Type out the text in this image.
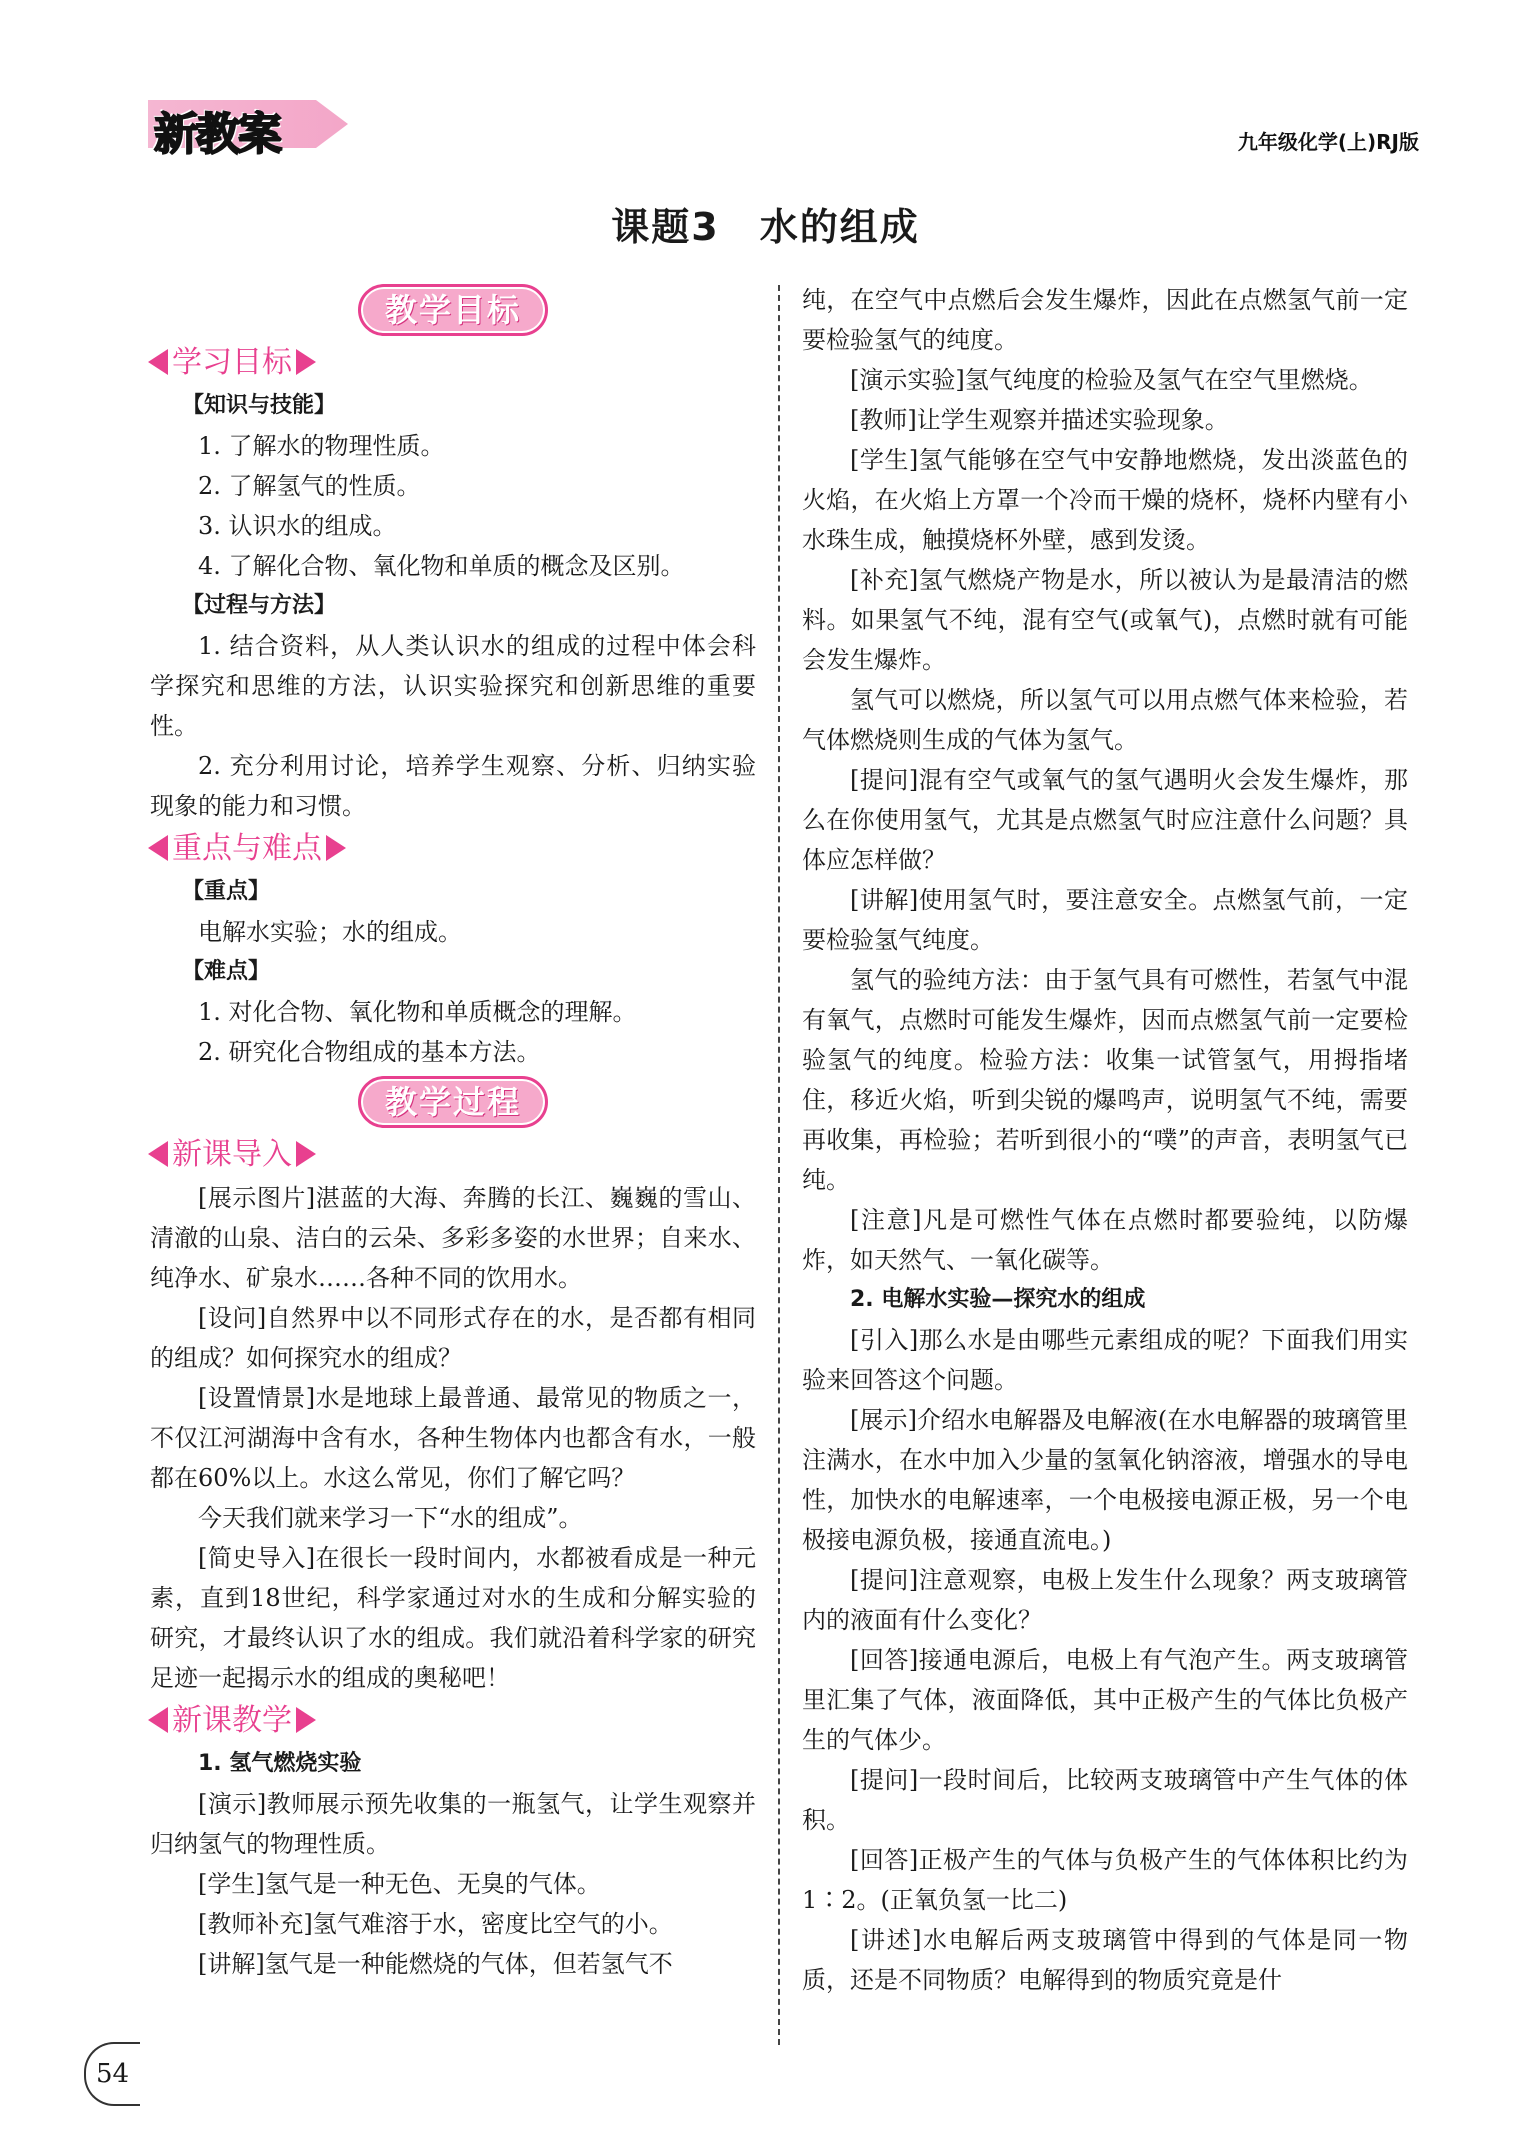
新教案	九年级化学(上)RJ版
课题3　水的组成
教学目标
学习目标

【知识与技能】

1. 了解水的物理性质。

2. 了解氢气的性质。

3. 认识水的组成。

4. 了解化合物、氧化物和单质的概念及区别。

【过程与方法】

1. 结合资料，从人类认识水的组成的过程中体会科学探究和思维的方法，认识实验探究和创新思维的重要性。

2. 充分利用讨论，培养学生观察、分析、归纳实验现象的能力和习惯。

重点与难点

【重点】

电解水实验；水的组成。

【难点】

1. 对化合物、氧化物和单质概念的理解。

2. 研究化合物组成的基本方法。

教学过程
新课导入

[展示图片]湛蓝的大海、奔腾的长江、巍巍的雪山、清澈的山泉、洁白的云朵、多彩多姿的水世界；自来水、纯净水、矿泉水……各种不同的饮用水。

[设问]自然界中以不同形式存在的水，是否都有相同的组成？如何探究水的组成？

[设置情景]水是地球上最普通、最常见的物质之一，不仅江河湖海中含有水，各种生物体内也都含有水，一般都在60%以上。水这么常见，你们了解它吗？

今天我们就来学习一下“水的组成”。

[简史导入]在很长一段时间内，水都被看成是一种元素，直到18世纪，科学家通过对水的生成和分解实验的研究，才最终认识了水的组成。我们就沿着科学家的研究足迹一起揭示水的组成的奥秘吧！

新课教学

1. 氢气燃烧实验

[演示]教师展示预先收集的一瓶氢气，让学生观察并归纳氢气的物理性质。

[学生]氢气是一种无色、无臭的气体。

[教师补充]氢气难溶于水，密度比空气的小。

[讲解]氢气是一种能燃烧的气体，但若氢气不

纯，在空气中点燃后会发生爆炸，因此在点燃氢气前一定要检验氢气的纯度。

[演示实验]氢气纯度的检验及氢气在空气里燃烧。

[教师]让学生观察并描述实验现象。

[学生]氢气能够在空气中安静地燃烧，发出淡蓝色的火焰，在火焰上方罩一个冷而干燥的烧杯，烧杯内壁有小水珠生成，触摸烧杯外壁，感到发烫。

[补充]氢气燃烧产物是水，所以被认为是最清洁的燃料。如果氢气不纯，混有空气(或氧气)，点燃时就有可能会发生爆炸。

氢气可以燃烧，所以氢气可以用点燃气体来检验，若气体燃烧则生成的气体为氢气。

[提问]混有空气或氧气的氢气遇明火会发生爆炸，那么在你使用氢气，尤其是点燃氢气时应注意什么问题？具体应怎样做？

[讲解]使用氢气时，要注意安全。点燃氢气前，一定要检验氢气纯度。

氢气的验纯方法：由于氢气具有可燃性，若氢气中混有氧气，点燃时可能发生爆炸，因而点燃氢气前一定要检验氢气的纯度。检验方法：收集一试管氢气，用拇指堵住，移近火焰，听到尖锐的爆鸣声，说明氢气不纯，需要再收集，再检验；若听到很小的“噗”的声音，表明氢气已纯。

[注意]凡是可燃性气体在点燃时都要验纯，以防爆炸，如天然气、一氧化碳等。

2. 电解水实验—探究水的组成

[引入]那么水是由哪些元素组成的呢？下面我们用实验来回答这个问题。

[展示]介绍水电解器及电解液(在水电解器的玻璃管里注满水，在水中加入少量的氢氧化钠溶液，增强水的导电性，加快水的电解速率，一个电极接电源正极，另一个电极接电源负极，接通直流电。)

[提问]注意观察，电极上发生什么现象？两支玻璃管内的液面有什么变化？

[回答]接通电源后，电极上有气泡产生。两支玻璃管里汇集了气体，液面降低，其中正极产生的气体比负极产生的气体少。

[提问]一段时间后，比较两支玻璃管中产生气体的体积。

[回答]正极产生的气体与负极产生的气体体积比约为1∶2。(正氧负氢一比二)

[讲述]水电解后两支玻璃管中得到的气体是同一物质，还是不同物质？电解得到的物质究竟是什

54
